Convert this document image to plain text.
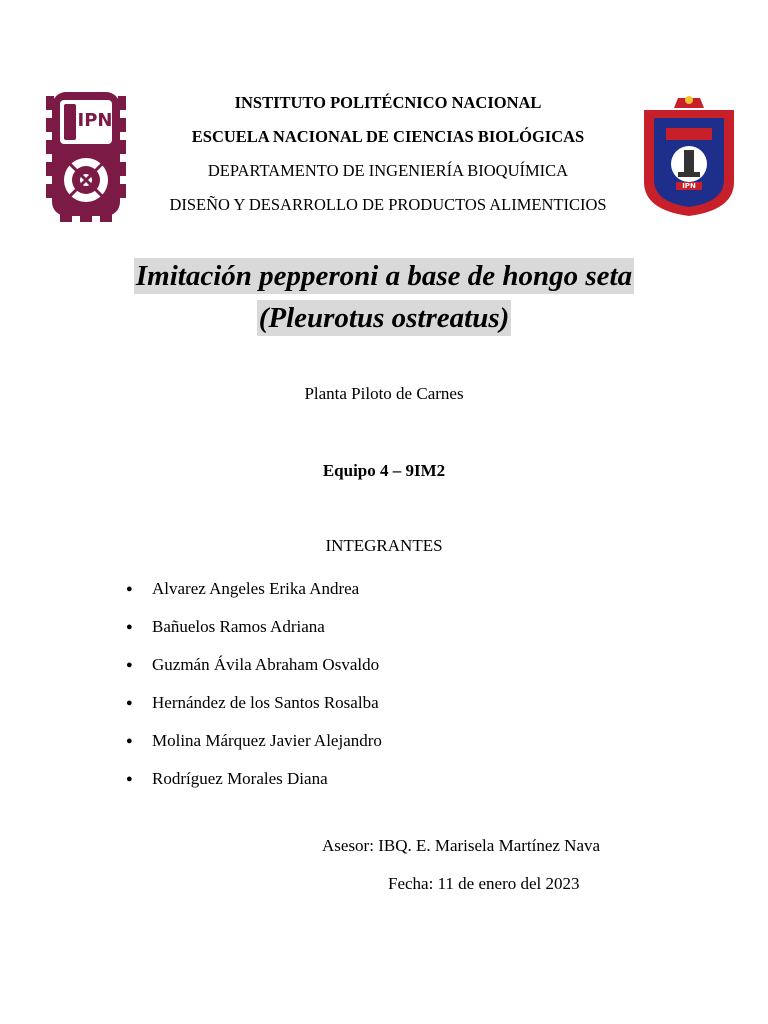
IPN
IPN
INSTITUTO POLITÉCNICO NACIONAL
ESCUELA NACIONAL DE CIENCIAS BIOLÓGICAS
DEPARTAMENTO DE INGENIERÍA BIOQUÍMICA
DISEÑO Y DESARROLLO DE PRODUCTOS ALIMENTICIOS
Imitación pepperoni a base de hongo seta
(Pleurotus ostreatus)
Planta Piloto de Carnes
Equipo 4 – 9IM2
INTEGRANTES
●	Alvarez Angeles Erika Andrea
●	Bañuelos Ramos Adriana
●	Guzmán Ávila Abraham Osvaldo
●	Hernández de los Santos Rosalba
●	Molina Márquez Javier Alejandro
●	Rodríguez Morales Diana
Asesor: IBQ. E. Marisela Martínez Nava
Fecha: 11 de enero del 2023
